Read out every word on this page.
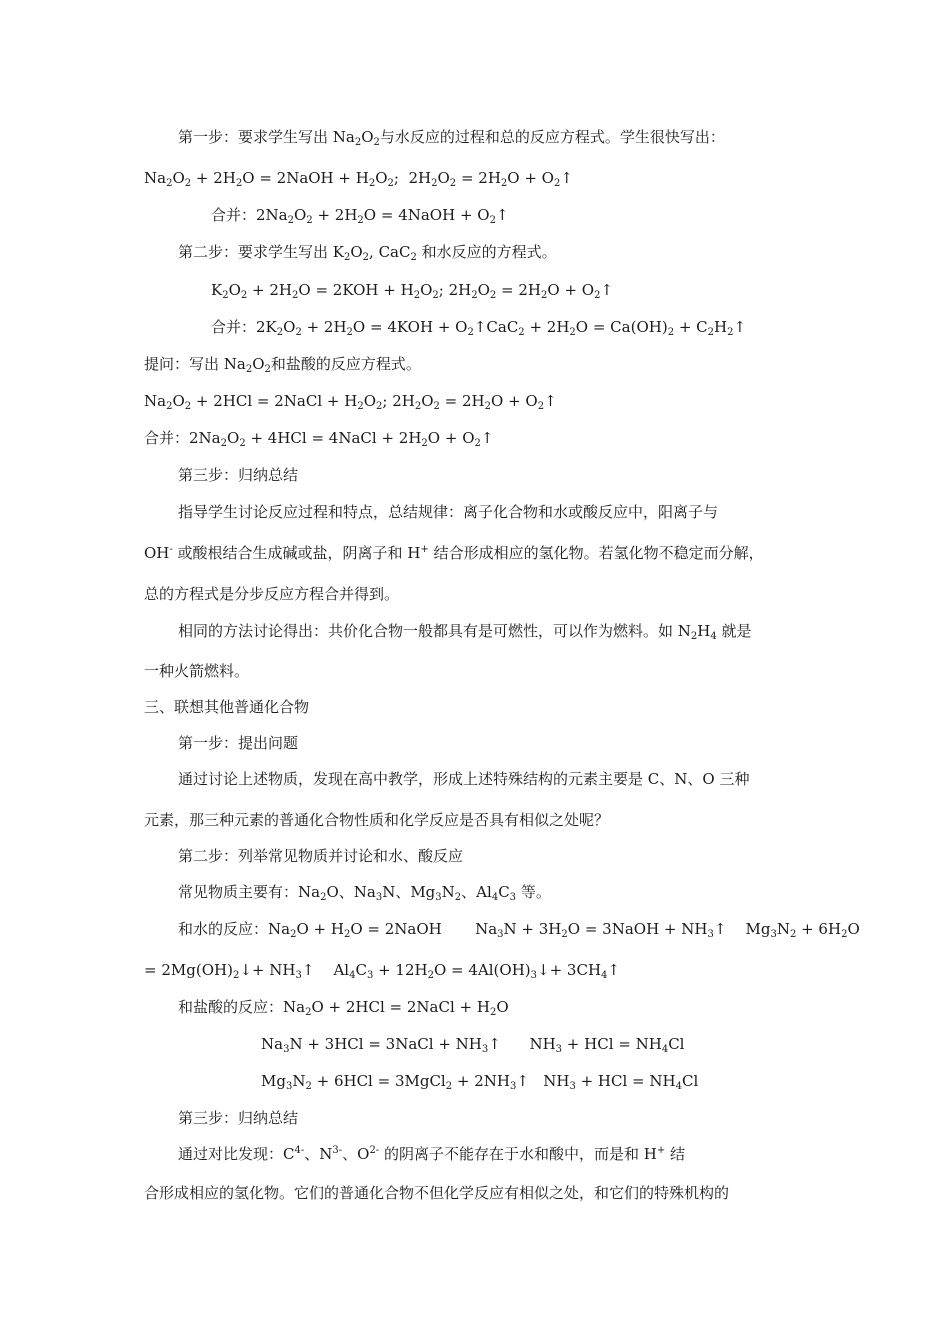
第一步：要求学生写出 $Na_2O_2$与水反应的过程和总的反应方程式。学生很快写出：
$Na_2O_2 + 2H_2O$ = 2NaOH + $H_2O_2$;  $2H_2O_2 = 2H_2O$ + $O_2↑$
合并：$2Na_2O_2 + 2H_2O$ = 4NaOH + $O_2↑$
第二步：要求学生写出 $K_2O_2$, CaC$_2$ 和水反应的方程式。
$K_2O_2 + 2H_2O = 2KOH + H_2O_2$; $2H_2O_2 = 2H_2O$ + $O_2↑$
合并：$2K_2O_2 + 2H_2O = 4KOH$ + $O_2↑CaC_2 + 2H_2O = Ca(OH)_2$ + $C_2H_2↑$
提问：写出 $Na_2O_2$和盐酸的反应方程式。
$Na_2O_2 + 2HCl$ = 2NaCl + $H_2O_2$; $2H_2O_2 = 2H_2O$ + $O_2↑$
合并：$2Na_2O_2 + 4HCl$ = 4NaCl + $2H_2O$ + $O_2↑$
第三步：归纳总结
指导学生讨论反应过程和特点，总结规律：离子化合物和水或酸反应中，阳离子与
OH- 或酸根结合生成碱或盐，阴离子和 H+ 结合形成相应的氢化物。若氢化物不稳定而分解，
总的方程式是分步反应方程合并得到。
相同的方法讨论得出：共价化合物一般都具有是可燃性，可以作为燃料。如 $N_2H_4$ 就是
一种火箭燃料。
三、联想其他普通化合物
第一步：提出问题
通过讨论上述物质，发现在高中教学，形成上述特殊结构的元素主要是 C、N、O 三种
元素，那三种元素的普通化合物性质和化学反应是否具有相似之处呢？
第二步：列举常见物质并讨论和水、酸反应
常见物质主要有：$Na_2O$、$Na_3N$、$Mg_3N_2$、$Al_4C_3$ 等。
和水的反应：$Na_2O + H_2O$ = 2NaOH       $Na_3N + 3H_2O$ = 3NaOH + $NH_3↑$    $Mg_3N_2 + 6H_2O$
= $2Mg(OH)_2↓+$ $NH_3↑$    $Al_4C_3 + 12H_2O$ = $4Al(OH)_3↓+$ $3CH_4↑$
和盐酸的反应：$Na_2O + 2HCl$ = 2NaCl + $H_2O$
$Na_3N + 3HCl$ = 3NaCl + $NH_3↑$      $NH_3$ + HCl = $NH_4Cl$
$Mg_3N_2 + 6HCl$ = 3MgCl$_2$ + $2NH_3↑$   $NH_3$ + HCl = $NH_4Cl$
第三步：归纳总结
通过对比发现：$C^{4-}$、$N^{3-}$、$O^{2-}$ 的阴离子不能存在于水和酸中，而是和 H+ 结
合形成相应的氢化物。它们的普通化合物不但化学反应有相似之处，和它们的特殊机构的
